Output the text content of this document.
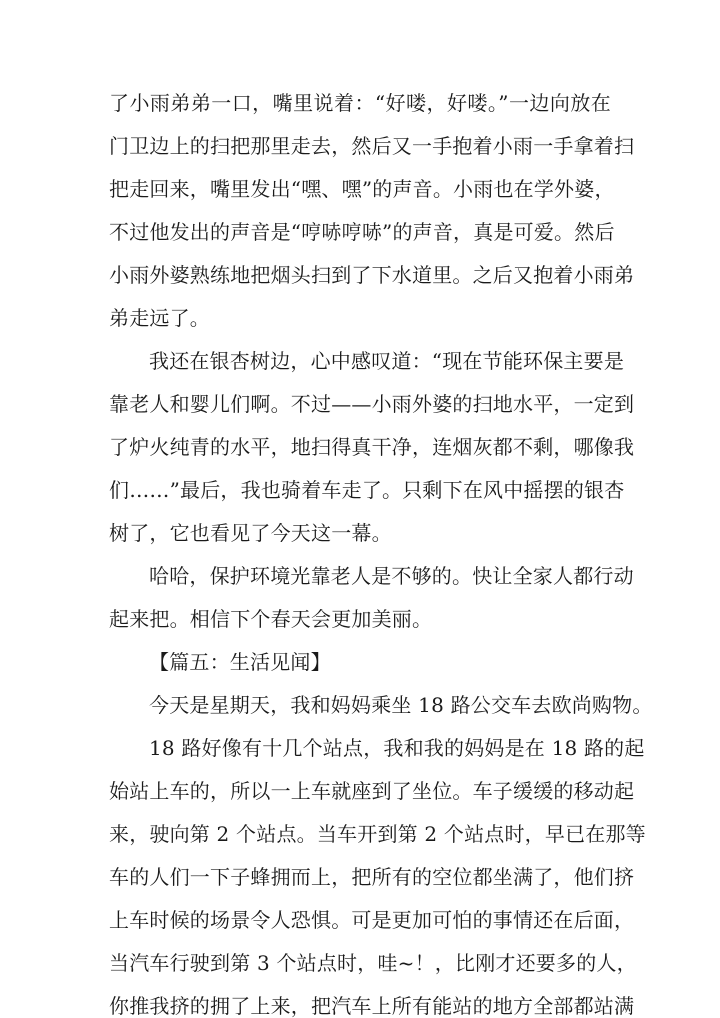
了小雨弟弟一口，嘴里说着：“好喽，好喽。”一边向放在
门卫边上的扫把那里走去，然后又一手抱着小雨一手拿着扫
把走回来，嘴里发出“嘿、嘿”的声音。小雨也在学外婆，
不过他发出的声音是“哼哧哼哧”的声音，真是可爱。然后
小雨外婆熟练地把烟头扫到了下水道里。之后又抱着小雨弟
弟走远了。
我还在银杏树边，心中感叹道：“现在节能环保主要是
靠老人和婴儿们啊。不过——小雨外婆的扫地水平，一定到
了炉火纯青的水平，地扫得真干净，连烟灰都不剩，哪像我
们……”最后，我也骑着车走了。只剩下在风中摇摆的银杏
树了，它也看见了今天这一幕。
哈哈，保护环境光靠老人是不够的。快让全家人都行动
起来把。相信下个春天会更加美丽。
【篇五：生活见闻】
今天是星期天，我和妈妈乘坐 18 路公交车去欧尚购物。
18 路好像有十几个站点，我和我的妈妈是在 18 路的起
始站上车的，所以一上车就座到了坐位。车子缓缓的移动起
来，驶向第 2 个站点。当车开到第 2 个站点时，早已在那等
车的人们一下子蜂拥而上，把所有的空位都坐满了，他们挤
上车时候的场景令人恐惧。可是更加可怕的事情还在后面，
当汽车行驶到第 3 个站点时，哇~！，比刚才还要多的人，
你推我挤的拥了上来，把汽车上所有能站的地方全部都站满
